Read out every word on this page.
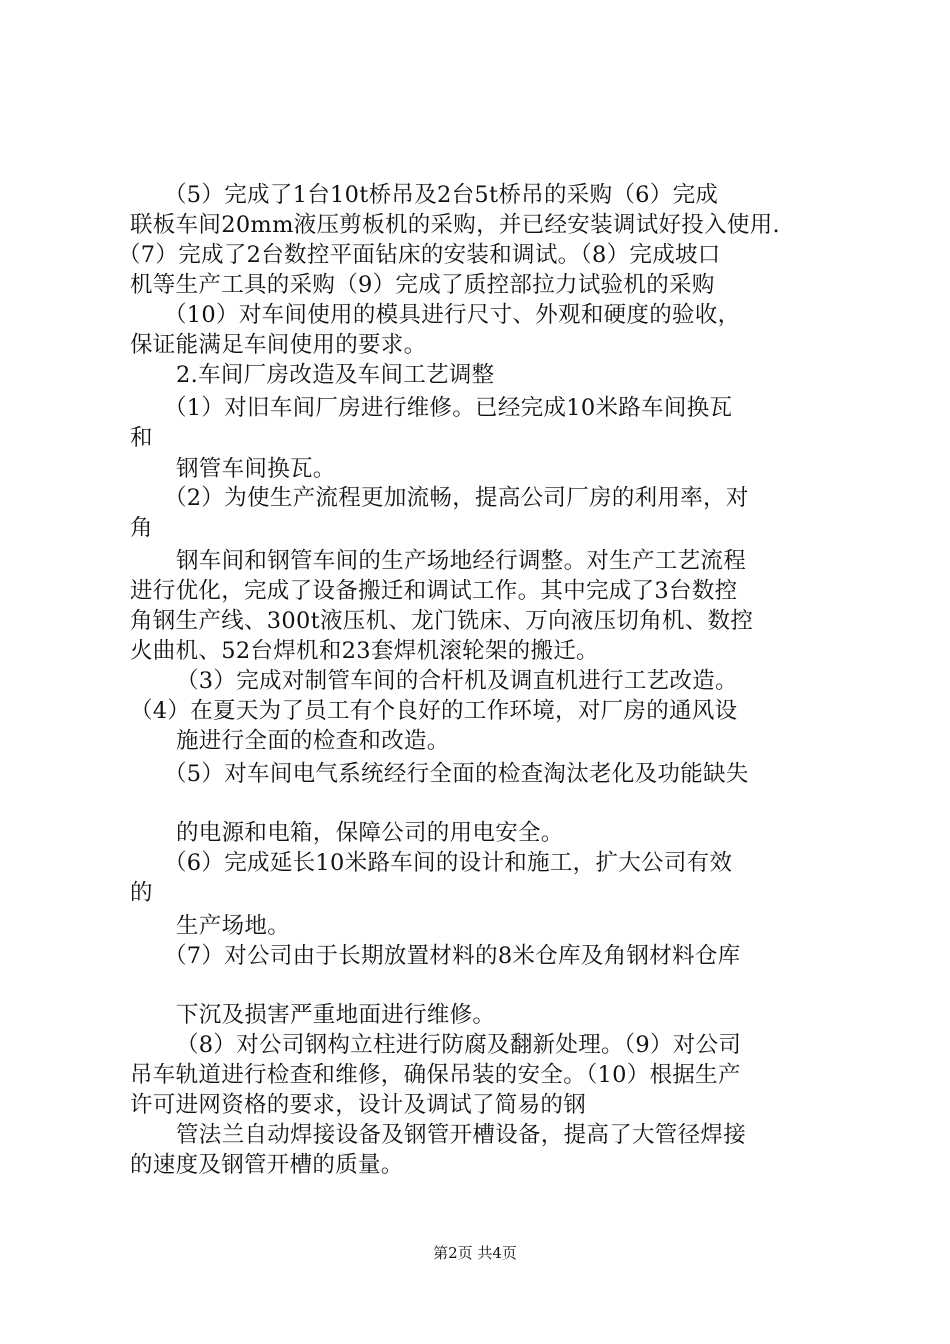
（5）完成了1台10t桥吊及2台5t桥吊的采购（6）完成
联板车间20mm液压剪板机的采购，并已经安装调试好投入使用.
（7）完成了2台数控平面钻床的安装和调试。（8）完成坡口
机等生产工具的采购（9）完成了质控部拉力试验机的采购
（10）对车间使用的模具进行尺寸、外观和硬度的验收，
保证能满足车间使用的要求。
2.车间厂房改造及车间工艺调整
（1）对旧车间厂房进行维修。已经完成10米路车间换瓦
和
钢管车间换瓦。
（2）为使生产流程更加流畅，提高公司厂房的利用率，对
角
钢车间和钢管车间的生产场地经行调整。对生产工艺流程
进行优化，完成了设备搬迁和调试工作。其中完成了3台数控
角钢生产线、300t液压机、龙门铣床、万向液压切角机、数控
火曲机、52台焊机和23套焊机滚轮架的搬迁。
（3）完成对制管车间的合杆机及调直机进行工艺改造。
（4）在夏天为了员工有个良好的工作环境，对厂房的通风设
施进行全面的检查和改造。
（5）对车间电气系统经行全面的检查淘汰老化及功能缺失
的电源和电箱，保障公司的用电安全。
（6）完成延长10米路车间的设计和施工，扩大公司有效
的
生产场地。
（7）对公司由于长期放置材料的8米仓库及角钢材料仓库
下沉及损害严重地面进行维修。
（8）对公司钢构立柱进行防腐及翻新处理。（9）对公司
吊车轨道进行检查和维修，确保吊装的安全。（10）根据生产
许可进网资格的要求，设计及调试了简易的钢
管法兰自动焊接设备及钢管开槽设备，提高了大管径焊接
的速度及钢管开槽的质量。
第2页 共4页
